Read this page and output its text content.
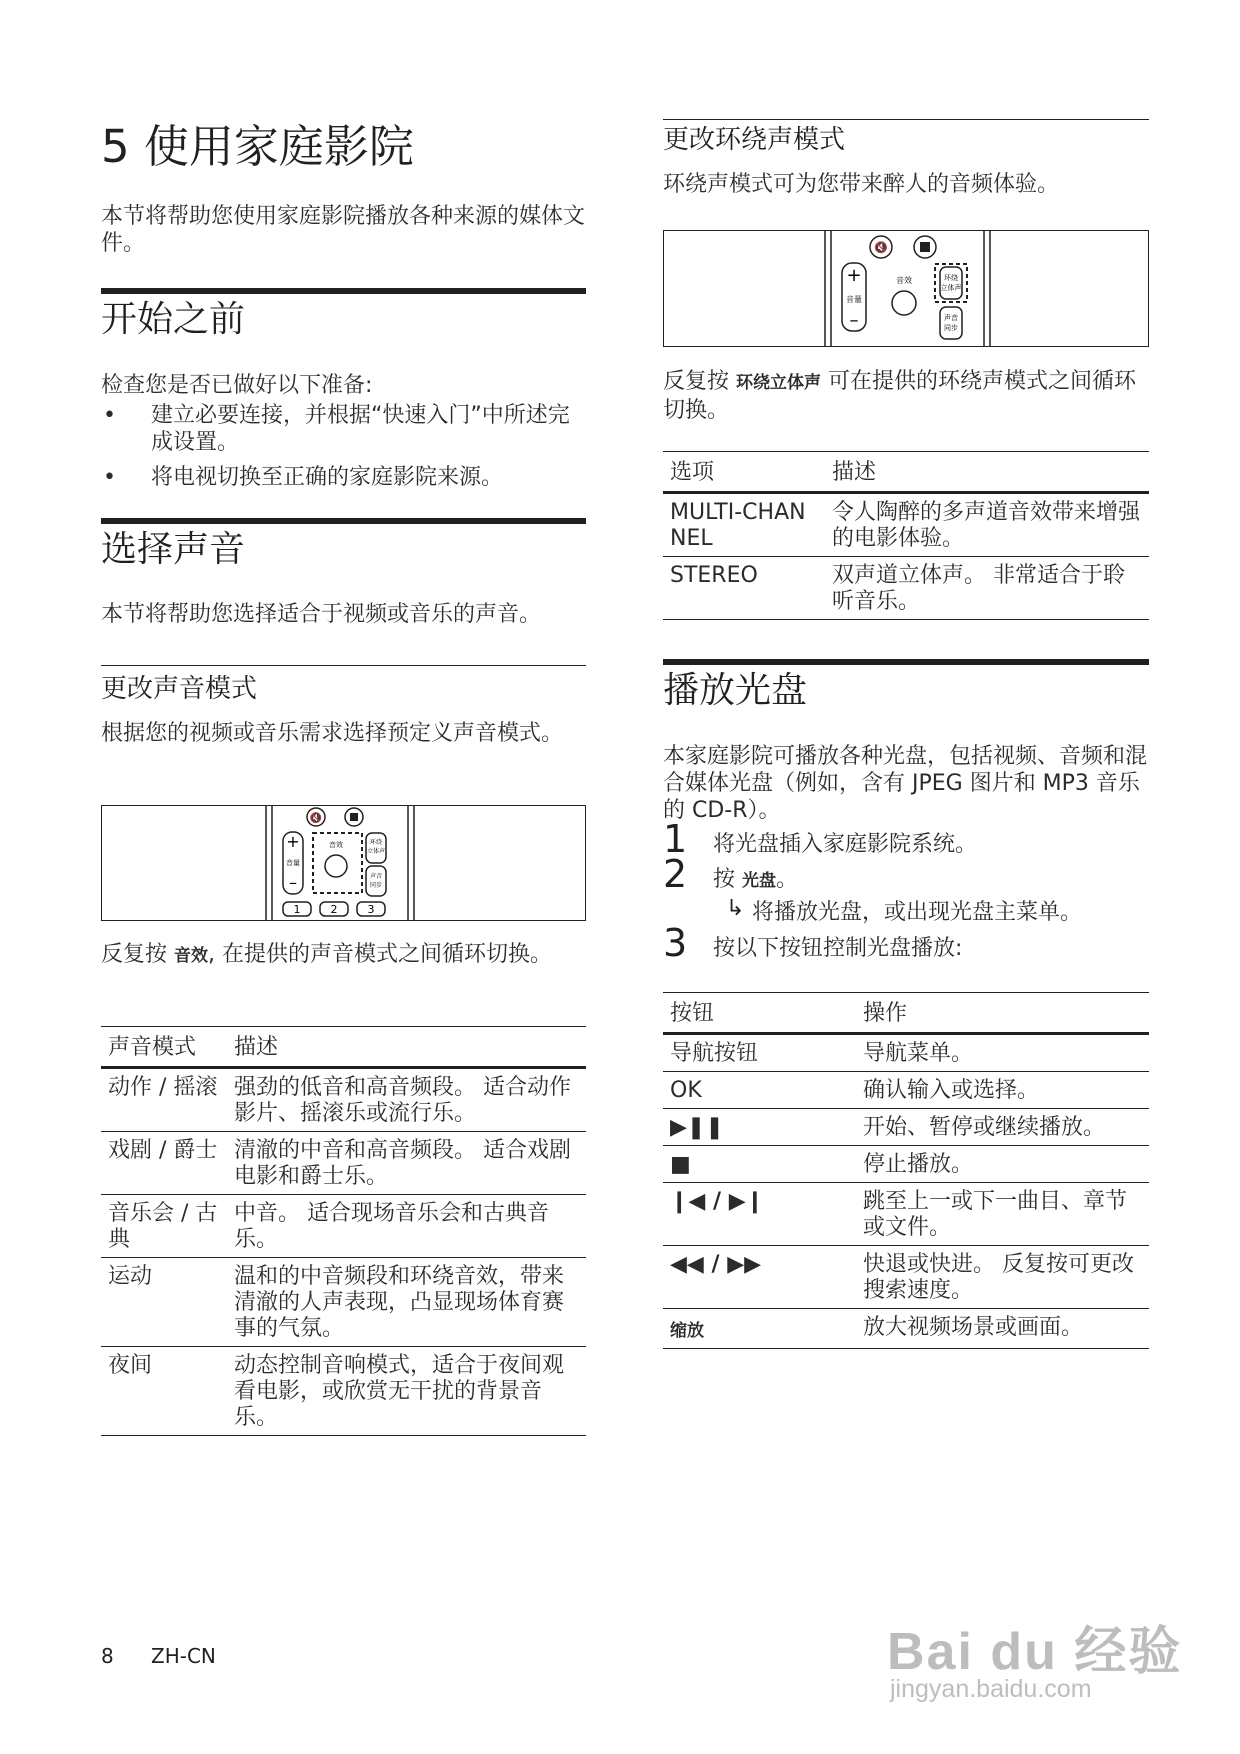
5 使用家庭影院

本节将帮助您使用家庭影院播放各种来源的媒体文件。

开始之前

检查您是否已做好以下准备:

• 建立必要连接，并根据“快速入门”中所述完成设置。
• 将电视切换至正确的家庭影院来源。
选择声音

本节将帮助您选择适合于视频或音乐的声音。

更改声音模式

根据您的视频或音乐需求选择预定义声音模式。

🔇
+
–
音量
音效	环绕
立体声
声音
同步
1	2	3

反复按 音效, 在提供的声音模式之间循环切换。

声音模式	描述
动作 / 摇滚	强劲的低音和高音频段。 适合动作影片、摇滚乐或流行乐。
戏剧 / 爵士	清澈的中音和高音频段。 适合戏剧电影和爵士乐。
音乐会 / 古典	中音。 适合现场音乐会和古典音乐。
运动	温和的中音频段和环绕音效，带来清澈的人声表现，凸显现场体育赛事的气氛。
夜间	动态控制音响模式，适合于夜间观看电影，或欣赏无干扰的背景音乐。
8 ZH-CN
更改环绕声模式

环绕声模式可为您带来醉人的音频体验。

🔇
+
–
音量
音效	环绕
立体声
声音
同步

反复按 环绕立体声 可在提供的环绕声模式之间循环切换。

选项	描述
MULTI-CHANNEL	令人陶醉的多声道音效带来增强的电影体验。
STEREO	双声道立体声。 非常适合于聆听音乐。
播放光盘

本家庭影院可播放各种光盘，包括视频、音频和混合媒体光盘（例如，含有 JPEG 图片和 MP3 音乐的 CD-R）。

1 将光盘插入家庭影院系统。

2 按 光盘。

↳ 将播放光盘，或出现光盘主菜单。

3 按以下按钮控制光盘播放:

按钮	操作
导航按钮	导航菜单。
OK	确认输入或选择。
▶❚❚	开始、暂停或继续播放。
■	停止播放。
❙◀ / ▶❙	跳至上一或下一曲目、章节或文件。
◀◀ / ▶▶	快退或快进。 反复按可更改搜索速度。
缩放	放大视频场景或画面。
Bai du 经验
jingyan.baidu.com
